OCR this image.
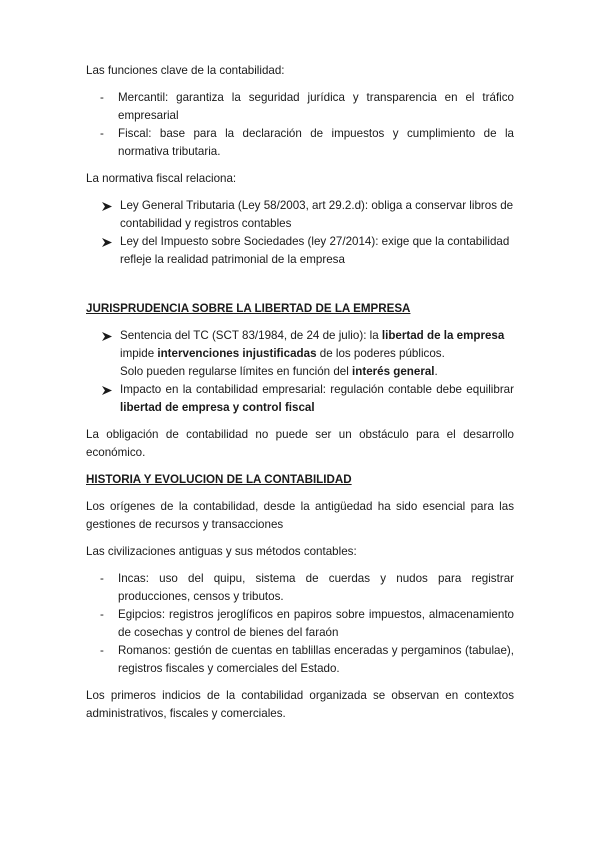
Las funciones clave de la contabilidad:

- Mercantil: garantiza la seguridad jurídica y transparencia en el tráfico empresarial
- Fiscal: base para la declaración de impuestos y cumplimiento de la normativa tributaria.

La normativa fiscal relaciona:

Ley General Tributaria (Ley 58/2003, art 29.2.d): obliga a conservar libros de contabilidad y registros contables
Ley del Impuesto sobre Sociedades (ley 27/2014): exige que la contabilidad refleje la realidad patrimonial de la empresa

JURISPRUDENCIA SOBRE LA LIBERTAD DE LA EMPRESA

Sentencia del TC (SCT 83/1984, de 24 de julio): la libertad de la empresa impide intervenciones injustificadas de los poderes públicos.
Solo pueden regularse límites en función del interés general.
Impacto en la contabilidad empresarial: regulación contable debe equilibrar libertad de empresa y control fiscal

La obligación de contabilidad no puede ser un obstáculo para el desarrollo económico.

HISTORIA Y EVOLUCION DE LA CONTABILIDAD

Los orígenes de la contabilidad, desde la antigüedad ha sido esencial para las gestiones de recursos y transacciones

Las civilizaciones antiguas y sus métodos contables:

- Incas: uso del quipu, sistema de cuerdas y nudos para registrar producciones, censos y tributos.
- Egipcios: registros jeroglíficos en papiros sobre impuestos, almacenamiento de cosechas y control de bienes del faraón
- Romanos: gestión de cuentas en tablillas enceradas y pergaminos (tabulae), registros fiscales y comerciales del Estado.

Los primeros indicios de la contabilidad organizada se observan en contextos administrativos, fiscales y comerciales.
